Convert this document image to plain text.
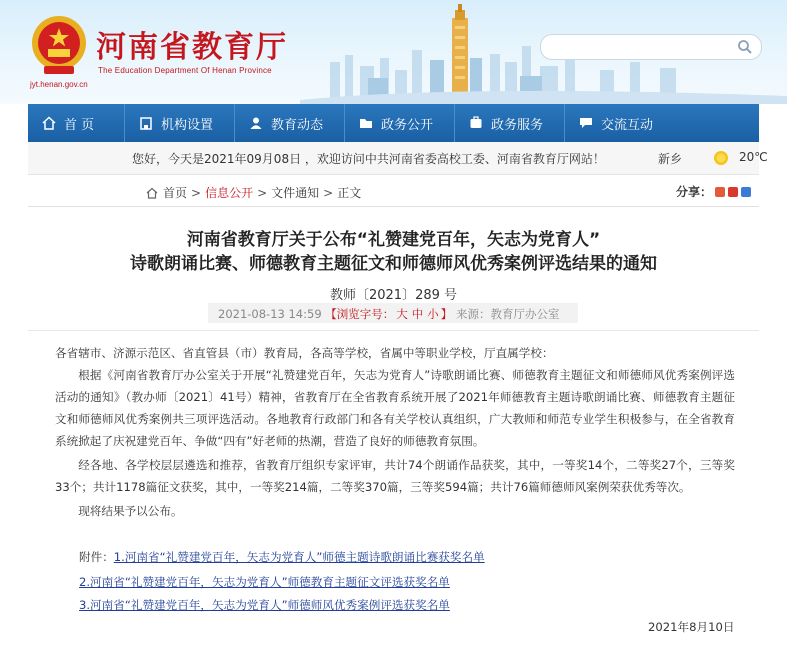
河南省教育厅
The Education Department Of Henan Province
jyt.henan.gov.cn
首 页	机构设置	教育动态	政务公开	政务服务	交流互动
您好，今天是2021年09月08日 ，欢迎访问中共河南省委高校工委、河南省教育厅网站！	新乡	20℃
首页 > 信息公开 > 文件通知 > 正文	分享：
河南省教育厅关于公布“礼赞建党百年，矢志为党育人”
诗歌朗诵比赛、师德教育主题征文和师德师风优秀案例评选结果的通知
教师〔2021〕289 号
2021-08-13 14:59 【浏览字号： 大 中 小 】 来源：教育厅办公室
各省辖市、济源示范区、省直管县（市）教育局，各高等学校，省属中等职业学校，厅直属学校：
根据《河南省教育厅办公室关于开展“礼赞建党百年，矢志为党育人”诗歌朗诵比赛、师德教育主题征文和师德师风优秀案例评选活动的通知》（教办师〔2021〕41号）精神，省教育厅在全省教育系统开展了2021年师德教育主题诗歌朗诵比赛、师德教育主题征文和师德师风优秀案例共三项评选活动。各地教育行政部门和各有关学校认真组织，广大教师和师范专业学生积极参与，在全省教育系统掀起了庆祝建党百年、争做“四有”好老师的热潮，营造了良好的师德教育氛围。
经各地、各学校层层遴选和推荐，省教育厅组织专家评审，共计74个朗诵作品获奖，其中，一等奖14个，二等奖27个，三等奖33个；共计1178篇征文获奖，其中，一等奖214篇，二等奖370篇，三等奖594篇；共计76篇师德师风案例荣获优秀等次。
现将结果予以公布。
附件：1.河南省“礼赞建党百年，矢志为党育人”师德主题诗歌朗诵比赛获奖名单
2.河南省“礼赞建党百年，矢志为党育人”师德教育主题征文评选获奖名单
3.河南省“礼赞建党百年，矢志为党育人”师德师风优秀案例评选获奖名单
2021年8月10日
